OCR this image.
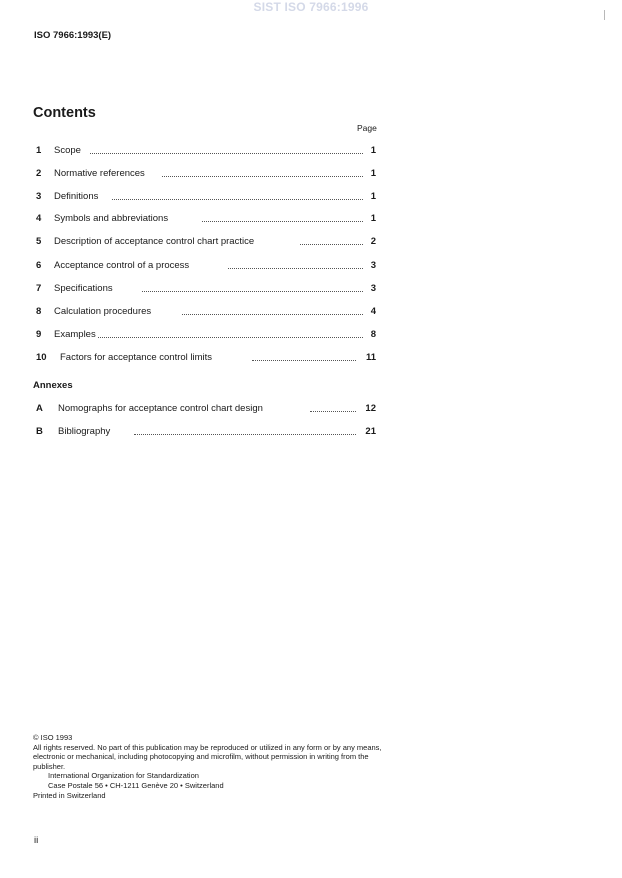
SIST ISO 7966:1996
ISO 7966:1993(E)
Contents
Page
1 Scope	1
2 Normative references	1
3 Definitions	1
4 Symbols and abbreviations	1
5 Description of acceptance control chart practice	2
6 Acceptance control of a process	3
7 Specifications	3
8 Calculation procedures	4
9 Examples	8
10 Factors for acceptance control limits	11
Annexes
A Nomographs for acceptance control chart design	12
B Bibliography	21

© ISO 1993

All rights reserved. No part of this publication may be reproduced or utilized in any form or by any means, electronic or mechanical, including photocopying and microfilm, without permission in writing from the publisher.

International Organization for Standardization

Case Postale 56 • CH-1211 Genève 20 • Switzerland

Printed in Switzerland

ii
